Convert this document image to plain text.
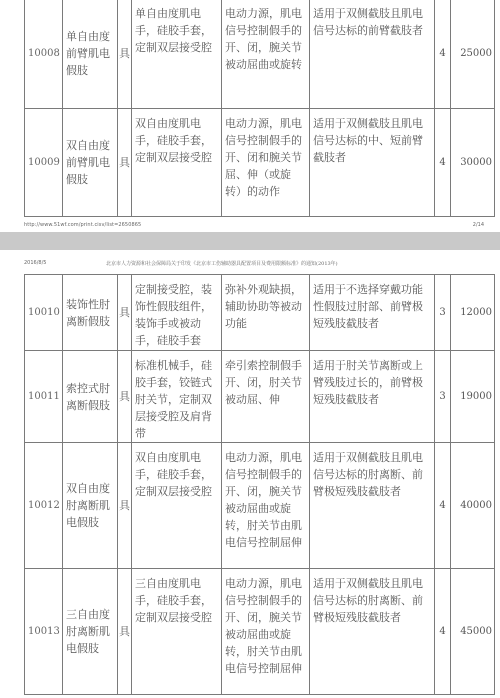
10008	单自由度前臂肌电假肢	具	单自由度肌电手，硅胶手套，定制双层接受腔	电动力源，肌电信号控制假手的开、闭，腕关节被动屈曲或旋转	适用于双侧截肢且肌电信号达标的前臂截肢者	4	25000
10009	双自由度前臂肌电假肢	具	双自由度肌电手，硅胶手套，定制双层接受腔	电动力源，肌电信号控制假手的开、闭和腕关节屈、伸（或旋转）的动作	适用于双侧截肢且肌电信号达标的中、短前臂截肢者	4	30000
http://www.51wf.com/print.cisv/list=2650865	2/14
2016/8/5	北京市人力资源和社会保障局关于印发《北京市工伤辅助器具配置项目及费用限额标准》的通知(2013年)
10010	装饰性肘离断假肢	具	定制接受腔，装饰性假肢组件，装饰手或被动手，硅胶手套	弥补外观缺损，辅助协助等被动功能	适用于不选择穿戴功能性假肢过肘部、前臂极短残肢截肢者	3	12000
10011	索控式肘离断假肢	具	标准机械手，硅胶手套，铰链式肘关节，定制双层接受腔及肩背带	牵引索控制假手开、闭，肘关节被动屈、伸	适用于肘关节离断或上臂残肢过长的，前臂极短残肢截肢者	3	19000
10012	双自由度肘离断肌电假肢	具	双自由度肌电手，硅胶手套，定制双层接受腔	电动力源，肌电信号控制假手的开、闭，腕关节被动屈曲或旋转，肘关节由肌电信号控制屈伸	适用于双侧截肢且肌电信号达标的肘离断、前臂极短残肢截肢者	4	40000
10013	三自由度肘离断肌电假肢	具	三自由度肌电手，硅胶手套，定制双层接受腔	电动力源，肌电信号控制假手的开、闭，腕关节被动屈曲或旋转，肘关节由肌电信号控制屈伸	适用于双侧截肢且肌电信号达标的肘离断、前臂极短残肢截肢者	4	45000
